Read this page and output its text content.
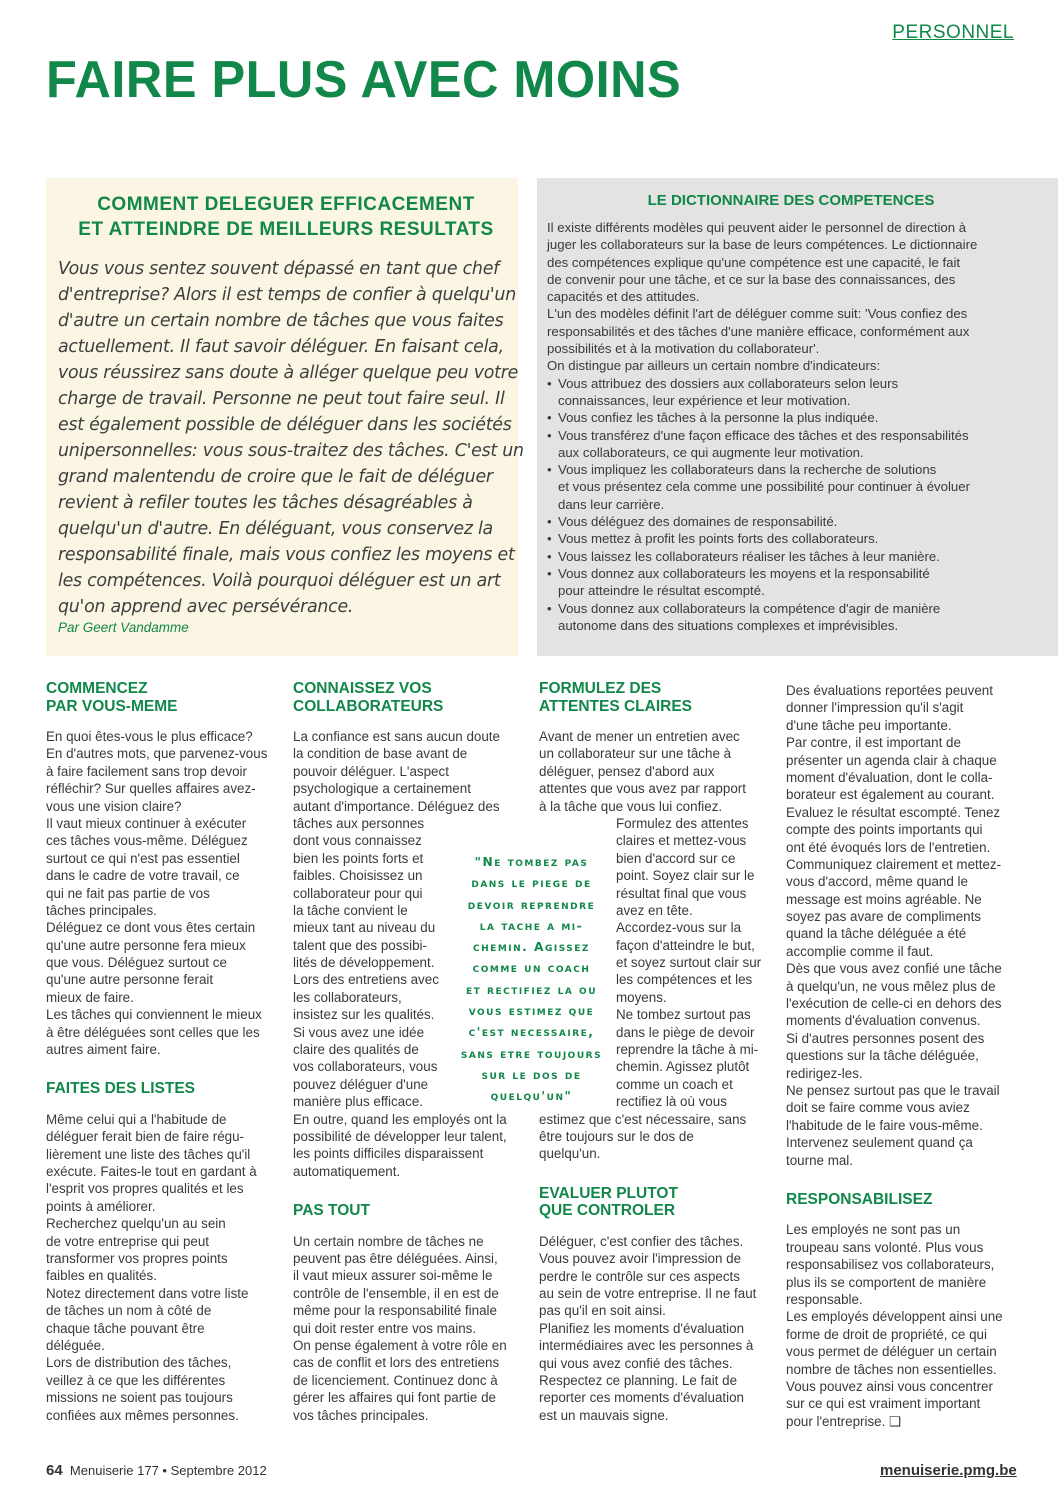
PERSONNEL
FAIRE PLUS AVEC MOINS
COMMENT DELEGUER EFFICACEMENT
ET ATTEINDRE DE MEILLEURS RESULTATS
Vous vous sentez souvent dépassé en tant que chef
d'entreprise? Alors il est temps de confier à quelqu'un
d'autre un certain nombre de tâches que vous faites
actuellement. Il faut savoir déléguer. En faisant cela,
vous réussirez sans doute à alléger quelque peu votre
charge de travail. Personne ne peut tout faire seul. Il
est également possible de déléguer dans les sociétés
unipersonnelles: vous sous-traitez des tâches. C'est un
grand malentendu de croire que le fait de déléguer
revient à refiler toutes les tâches désagréables à
quelqu'un d'autre. En déléguant, vous conservez la
responsabilité finale, mais vous confiez les moyens et
les compétences. Voilà pourquoi déléguer est un art
qu'on apprend avec persévérance.
Par Geert Vandamme
LE DICTIONNAIRE DES COMPETENCES
Il existe différents modèles qui peuvent aider le personnel de direction à
juger les collaborateurs sur la base de leurs compétences. Le dictionnaire
des compétences explique qu'une compétence est une capacité, le fait
de convenir pour une tâche, et ce sur la base des connaissances, des
capacités et des attitudes.
L'un des modèles définit l'art de déléguer comme suit: 'Vous confiez des
responsabilités et des tâches d'une manière efficace, conformément aux
possibilités et à la motivation du collaborateur'.
On distingue par ailleurs un certain nombre d'indicateurs:
• Vous attribuez des dossiers aux collaborateurs selon leurs
connaissances, leur expérience et leur motivation.
• Vous confiez les tâches à la personne la plus indiquée.
• Vous transférez d'une façon efficace des tâches et des responsabilités
aux collaborateurs, ce qui augmente leur motivation.
• Vous impliquez les collaborateurs dans la recherche de solutions
et vous présentez cela comme une possibilité pour continuer à évoluer
dans leur carrière.
• Vous déléguez des domaines de responsabilité.
• Vous mettez à profit les points forts des collaborateurs.
• Vous laissez les collaborateurs réaliser les tâches à leur manière.
• Vous donnez aux collaborateurs les moyens et la responsabilité
pour atteindre le résultat escompté.
• Vous donnez aux collaborateurs la compétence d'agir de manière
autonome dans des situations complexes et imprévisibles.
COMMENCEZ
PAR VOUS-MEME
En quoi êtes-vous le plus efficace?
En d'autres mots, que parvenez-vous
à faire facilement sans trop devoir
réfléchir? Sur quelles affaires avez-
vous une vision claire?
Il vaut mieux continuer à exécuter
ces tâches vous-même. Déléguez
surtout ce qui n'est pas essentiel
dans le cadre de votre travail, ce
qui ne fait pas partie de vos
tâches principales.
Déléguez ce dont vous êtes certain
qu'une autre personne fera mieux
que vous. Déléguez surtout ce
qu'une autre personne ferait
mieux de faire.
Les tâches qui conviennent le mieux
à être déléguées sont celles que les
autres aiment faire.
FAITES DES LISTES
Même celui qui a l'habitude de
déléguer ferait bien de faire régu-
lièrement une liste des tâches qu'il
exécute. Faites-le tout en gardant à
l'esprit vos propres qualités et les
points à améliorer.
Recherchez quelqu'un au sein
de votre entreprise qui peut
transformer vos propres points
faibles en qualités.
Notez directement dans votre liste
de tâches un nom à côté de
chaque tâche pouvant être
déléguée.
Lors de distribution des tâches,
veillez à ce que les différentes
missions ne soient pas toujours
confiées aux mêmes personnes.
CONNAISSEZ VOS
COLLABORATEURS
La confiance est sans aucun doute
la condition de base avant de
pouvoir déléguer. L'aspect
psychologique a certainement
autant d'importance. Déléguez des
tâches aux personnes
dont vous connaissez
bien les points forts et
faibles. Choisissez un
collaborateur pour qui
la tâche convient le
mieux tant au niveau du
talent que des possibi-
lités de développement.
Lors des entretiens avec
les collaborateurs,
insistez sur les qualités.
Si vous avez une idée
claire des qualités de
vos collaborateurs, vous
pouvez déléguer d'une
manière plus efficace.
En outre, quand les employés ont la
possibilité de développer leur talent,
les points difficiles disparaissent
automatiquement.
PAS TOUT
Un certain nombre de tâches ne
peuvent pas être déléguées. Ainsi,
il vaut mieux assurer soi-même le
contrôle de l'ensemble, il en est de
même pour la responsabilité finale
qui doit rester entre vos mains.
On pense également à votre rôle en
cas de conflit et lors des entretiens
de licenciement. Continuez donc à
gérer les affaires qui font partie de
vos tâches principales.
"Ne tombez pas
dans le piege de
devoir reprendre
la tache a mi-
chemin. Agissez
comme un coach
et rectifiez la ou
vous estimez que
c'est necessaire,
sans etre toujours
sur le dos de
quelqu'un"
FORMULEZ DES
ATTENTES CLAIRES
Avant de mener un entretien avec
un collaborateur sur une tâche à
déléguer, pensez d'abord aux
attentes que vous avez par rapport
à la tâche que vous lui confiez.
Formulez des attentes
claires et mettez-vous
bien d'accord sur ce
point. Soyez clair sur le
résultat final que vous
avez en tête.
Accordez-vous sur la
façon d'atteindre le but,
et soyez surtout clair sur
les compétences et les
moyens.
Ne tombez surtout pas
dans le piège de devoir
reprendre la tâche à mi-
chemin. Agissez plutôt
comme un coach et
rectifiez là où vous
estimez que c'est nécessaire, sans
être toujours sur le dos de
quelqu'un.
EVALUER PLUTOT
QUE CONTROLER
Déléguer, c'est confier des tâches.
Vous pouvez avoir l'impression de
perdre le contrôle sur ces aspects
au sein de votre entreprise. Il ne faut
pas qu'il en soit ainsi.
Planifiez les moments d'évaluation
intermédiaires avec les personnes à
qui vous avez confié des tâches.
Respectez ce planning. Le fait de
reporter ces moments d'évaluation
est un mauvais signe.
Des évaluations reportées peuvent
donner l'impression qu'il s'agit
d'une tâche peu importante.
Par contre, il est important de
présenter un agenda clair à chaque
moment d'évaluation, dont le colla-
borateur est également au courant.
Evaluez le résultat escompté. Tenez
compte des points importants qui
ont été évoqués lors de l'entretien.
Communiquez clairement et mettez-
vous d'accord, même quand le
message est moins agréable. Ne
soyez pas avare de compliments
quand la tâche déléguée a été
accomplie comme il faut.
Dès que vous avez confié une tâche
à quelqu'un, ne vous mêlez plus de
l'exécution de celle-ci en dehors des
moments d'évaluation convenus.
Si d'autres personnes posent des
questions sur la tâche déléguée,
redirigez-les.
Ne pensez surtout pas que le travail
doit se faire comme vous aviez
l'habitude de le faire vous-même.
Intervenez seulement quand ça
tourne mal.
RESPONSABILISEZ
Les employés ne sont pas un
troupeau sans volonté. Plus vous
responsabilisez vos collaborateurs,
plus ils se comportent de manière
responsable.
Les employés développent ainsi une
forme de droit de propriété, ce qui
vous permet de déléguer un certain
nombre de tâches non essentielles.
Vous pouvez ainsi vous concentrer
sur ce qui est vraiment important
pour l'entreprise. ❑
64 Menuiserie 177 • Septembre 2012	menuiserie.pmg.be
